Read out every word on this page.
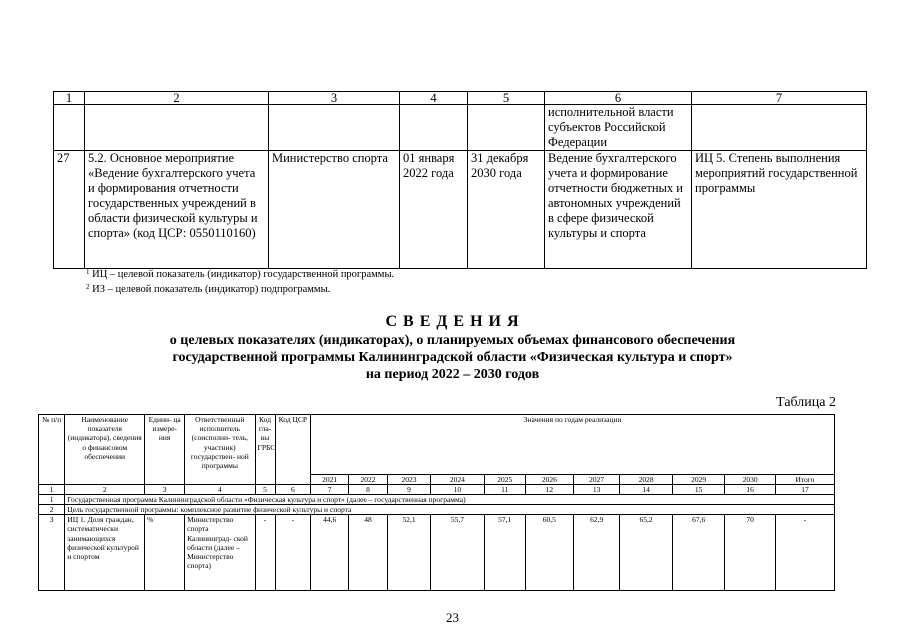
1	2	3	4	5	6	7
					исполнительной власти субъектов Российской Федерации	
27	5.2. Основное мероприятие «Ведение бухгалтерского учета и формирования отчетности государственных учреждений в области физической культуры и спорта» (код ЦСР: 0550110160)	Министерство спорта	01 января 2022 года	31 декабря 2030 года	Ведение бухгалтерского учета и формирование отчетности бюджетных и автономных учреждений в сфере физической культуры и спорта	ИЦ 5. Степень выполнения мероприятий государственной программы
$^1$ ИЦ – целевой показатель (индикатор) государственной программы.
$^2$ ИЗ – целевой показатель (индикатор) подпрограммы.
С В Е Д Е Н И Я
о целевых показателях (индикаторах), о планируемых объемах финансового обеспечения
государственной программы Калининградской области «Физическая культура и спорт»
на период 2022 – 2030 годов
Таблица 2
№ п/п	Наименование показателя (индикатора), сведения о финансовом обеспечении	Едини- ца измере- ния	Ответственный исполнитель (соисполни- тель, участник) государствен- ной программы	Код гла- вы ГРБС	Код ЦСР	Значения по годам реализации										
						2021	2022	2023	2024	2025	2026	2027	2028	2029	2030	Итого
1	2	3	4	5	6	7	8	9	10	11	12	13	14	15	16	17
1	Государственная программа Калининградской области «Физическая культура и спорт» (далее – государственная программа)															
2	Цель государственной программы: комплексное развитие физической культуры и спорта															
3	ИЦ 1. Доля граждан, систематически занимающихся физической культурой и спортом	%	Министерство спорта Калининград- ской области (далее – Министерство спорта)	-	-	44,6	48	52,1	55,7	57,1	60,5	62,9	65,2	67,6	70	-
23
